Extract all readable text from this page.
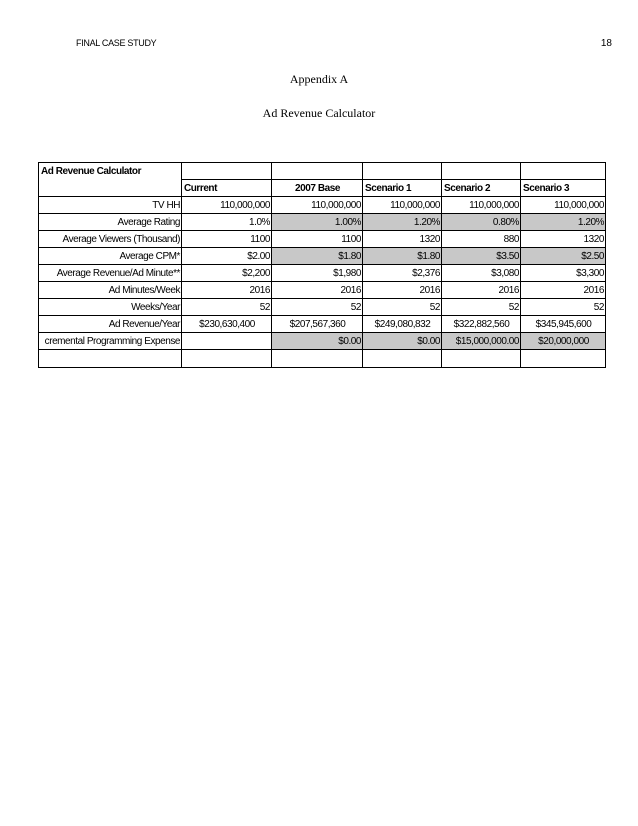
FINAL CASE STUDY	18
Appendix A
Ad Revenue Calculator
Ad Revenue Calculator					
	Current	2007 Base	Scenario 1	Scenario 2	Scenario 3
TV HH	110,000,000	110,000,000	110,000,000	110,000,000	110,000,000
Average Rating	1.0%	1.00%	1.20%	0.80%	1.20%
Average Viewers (Thousand)	1100	1100	1320	880	1320
Average CPM*	$2.00	$1.80	$1.80	$3.50	$2.50
Average Revenue/Ad Minute**	$2,200	$1,980	$2,376	$3,080	$3,300
Ad Minutes/Week	2016	2016	2016	2016	2016
Weeks/Year	52	52	52	52	52
Ad Revenue/Year	$230,630,400	$207,567,360	$249,080,832	$322,882,560	$345,945,600
cremental Programming Expense		$0.00	$0.00	$15,000,000.00	$20,000,000
